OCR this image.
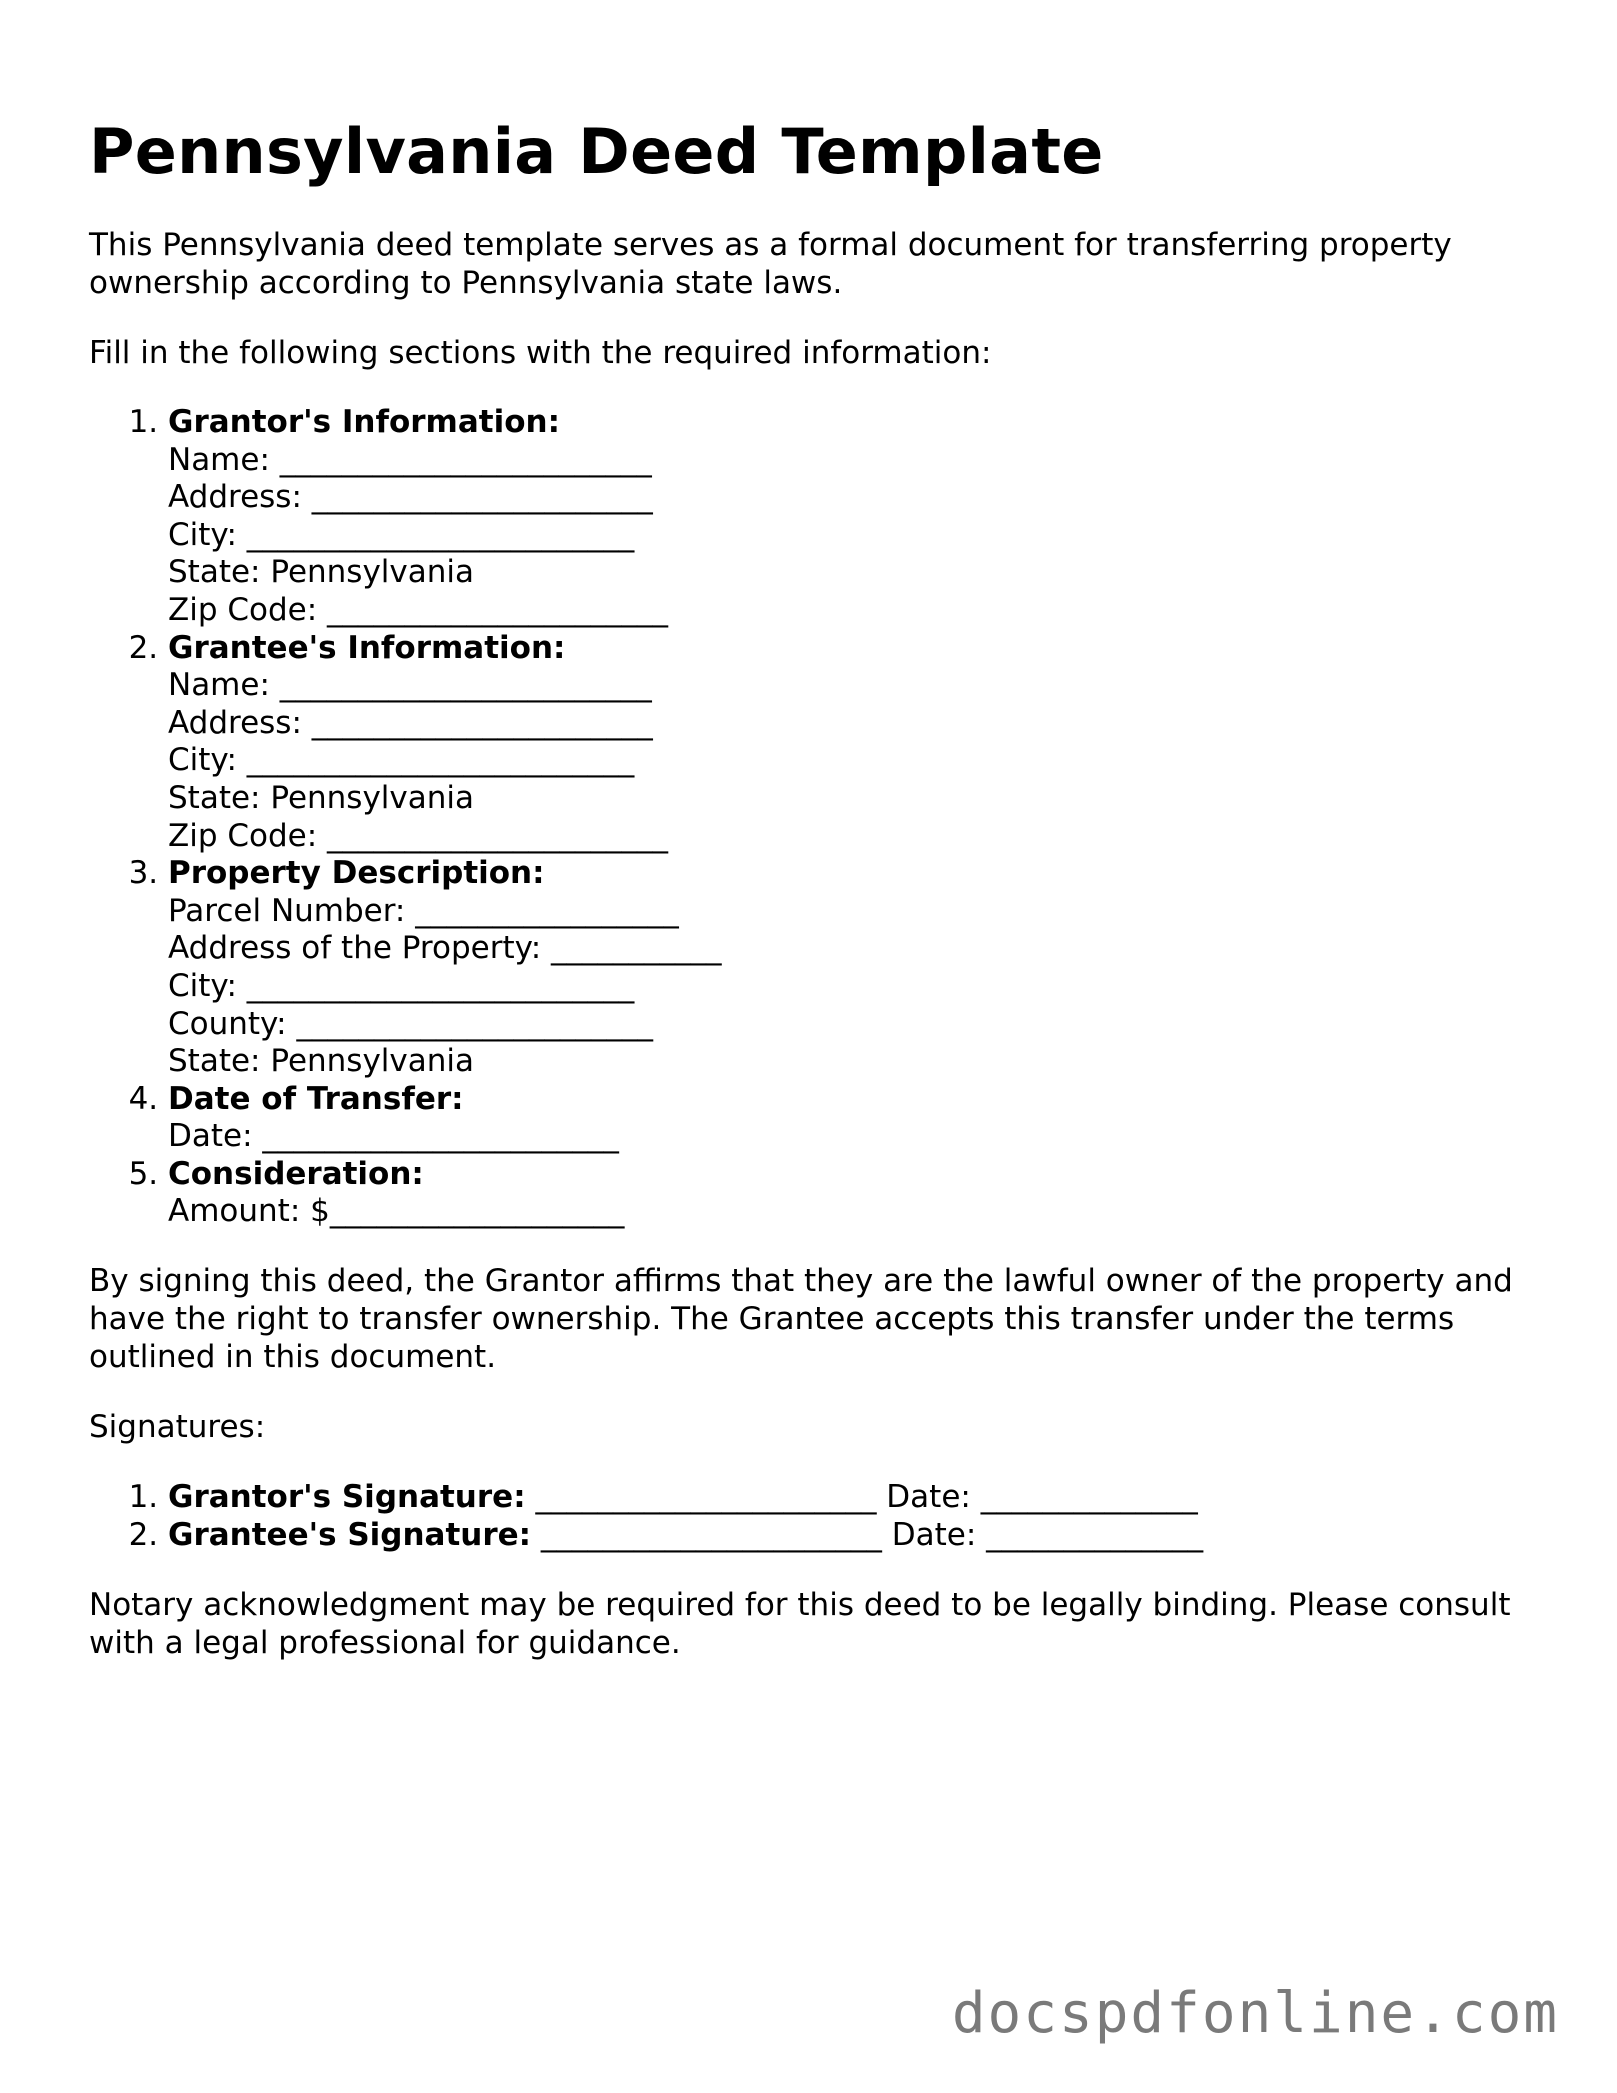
Pennsylvania Deed Template

This Pennsylvania deed template serves as a formal document for transferring property ownership according to Pennsylvania state laws.

Fill in the following sections with the required information:

1. Grantor's Information:
Name: ________________________
Address: ______________________
City: _________________________
State: Pennsylvania
Zip Code: ______________________
2. Grantee's Information:
Name: ________________________
Address: ______________________
City: _________________________
State: Pennsylvania
Zip Code: ______________________
3. Property Description:
Parcel Number: _________________
Address of the Property: ___________
City: _________________________
County: _______________________
State: Pennsylvania
4. Date of Transfer:
Date: _______________________
5. Consideration:
Amount: $___________________

By signing this deed, the Grantor affirms that they are the lawful owner of the property and have the right to transfer ownership. The Grantee accepts this transfer under the terms outlined in this document.

Signatures:

1. Grantor's Signature: ______________________ Date: ______________
2. Grantee's Signature: ______________________ Date: ______________

Notary acknowledgment may be required for this deed to be legally binding. Please consult with a legal professional for guidance.

docspdfonline.com
